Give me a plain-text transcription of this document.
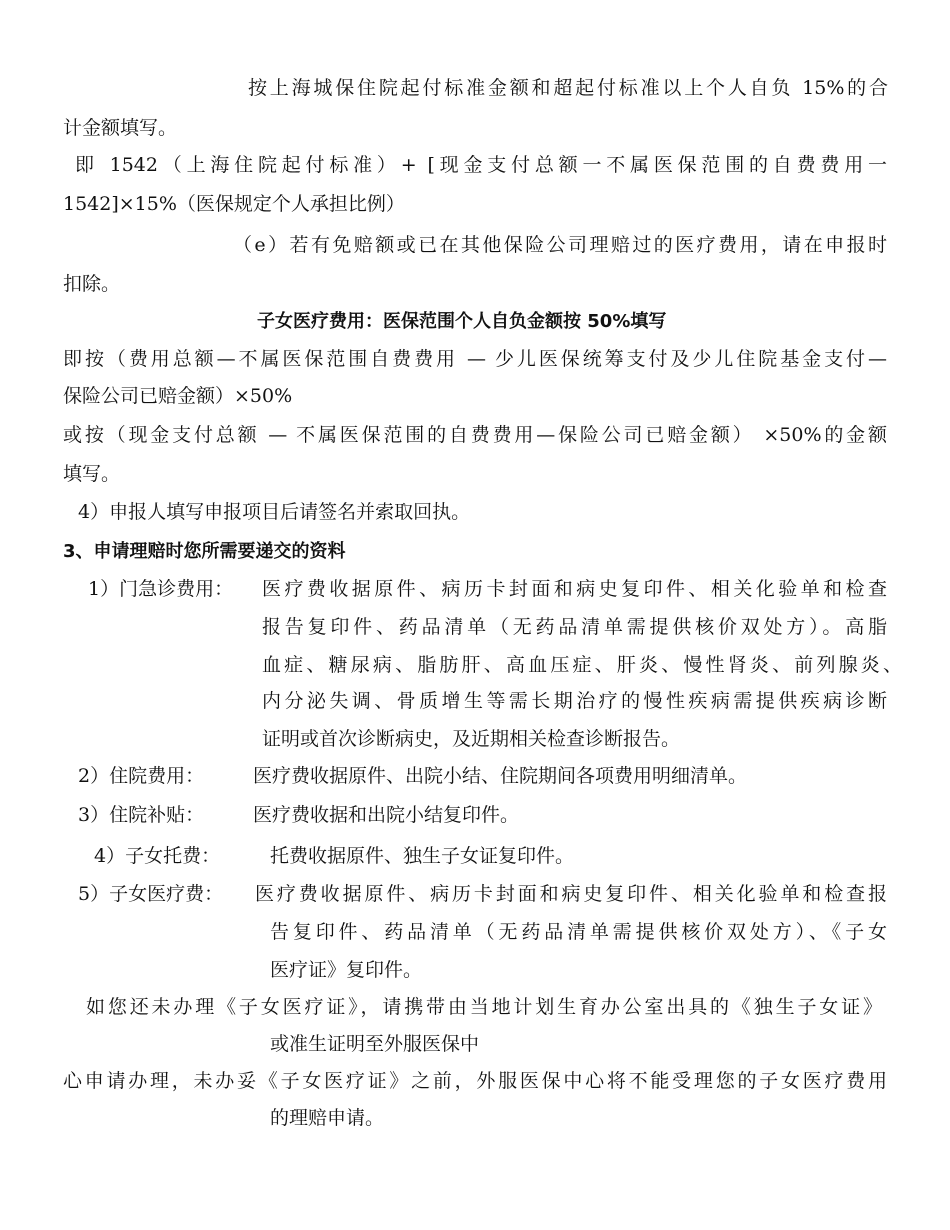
按上海城保住院起付标准金额和超起付标准以上个人自负 15%的合
计金额填写。
即 1542（上海住院起付标准）+ [现金支付总额一不属医保范围的自费费用一
1542]×15%（医保规定个人承担比例）
（e）若有免赔额或已在其他保险公司理赔过的医疗费用，请在申报时
扣除。
子女医疗费用：医保范围个人自负金额按 50%填写
即按（费用总额—不属医保范围自费费用 — 少儿医保统筹支付及少儿住院基金支付—
保险公司已赔金额）×50%
或按（现金支付总额 — 不属医保范围的自费费用—保险公司已赔金额） ×50%的金额
填写。
4）申报人填写申报项目后请签名并索取回执。
3、申请理赔时您所需要递交的资料
1）门急诊费用： 医疗费收据原件、病历卡封面和病史复印件、相关化验单和检查
报告复印件、药品清单（无药品清单需提供核价双处方）。高脂
血症、糖尿病、脂肪肝、高血压症、肝炎、慢性肾炎、前列腺炎、
内分泌失调、骨质增生等需长期治疗的慢性疾病需提供疾病诊断
证明或首次诊断病史，及近期相关检查诊断报告。
2）住院费用：	医疗费收据原件、出院小结、住院期间各项费用明细清单。
3）住院补贴：	医疗费收据和出院小结复印件。
4）子女托费：	托费收据原件、独生子女证复印件。
5）子女医疗费： 医疗费收据原件、病历卡封面和病史复印件、相关化验单和检查报
告复印件、药品清单（无药品清单需提供核价双处方）、《子女
医疗证》复印件。
如您还未办理《子女医疗证》，请携带由当地计划生育办公室出具的《独生子女证》
或准生证明至外服医保中
心申请办理，未办妥《子女医疗证》之前，外服医保中心将不能受理您的子女医疗费用
的理赔申请。
